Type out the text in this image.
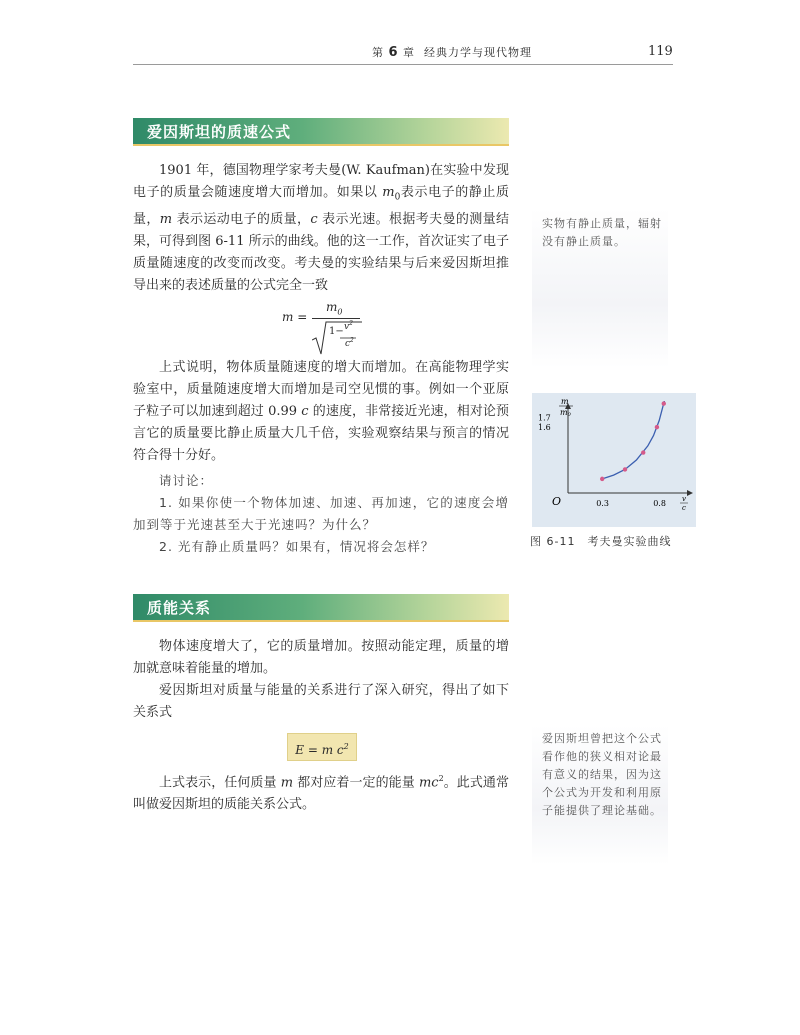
第 6 章 经典力学与现代物理	119
爱因斯坦的质速公式

1901 年，德国物理学家考夫曼(W. Kaufman)在实验中发现电子的质量会随速度增大而增加。如果以 $m_0$表示电子的静止质量，m 表示运动电子的质量，c 表示光速。根据考夫曼的测量结果，可得到图 6-11 所示的曲线。他的这一工作，首次证实了电子质量随速度的改变而改变。考夫曼的实验结果与后来爱因斯坦推导出来的表述质量的公式完全一致

m =
$m_0$
$1- v^2$
$c^2$

上式说明，物体质量随速度的增大而增加。在高能物理学实验室中，质量随速度增大而增加是司空见惯的事。例如一个亚原子粒子可以加速到超过 0.99 c 的速度，非常接近光速，相对论预言它的质量要比静止质量大几千倍，实验观察结果与预言的情况符合得十分好。

请讨论：

1. 如果你使一个物体加速、加速、再加速，它的速度会增加到等于光速甚至大于光速吗？为什么？

2. 光有静止质量吗？如果有，情况将会怎样？

质能关系

物体速度增大了，它的质量增加。按照动能定理，质量的增加就意味着能量的增加。

爱因斯坦对质量与能量的关系进行了深入研究，得出了如下关系式

E = m $c^2$

上式表示，任何质量 m 都对应着一定的能量 $mc^2$。此式通常叫做爱因斯坦的质能关系公式。

实物有静止质量，辐射没有静止质量。
爱因斯坦曾把这个公式看作他的狭义相对论最有意义的结果，因为这个公式为开发和利用原子能提供了理论基础。
O
m
m0
v
c
0.3	0.8
1.6
1.7
图 6-11　考夫曼实验曲线
